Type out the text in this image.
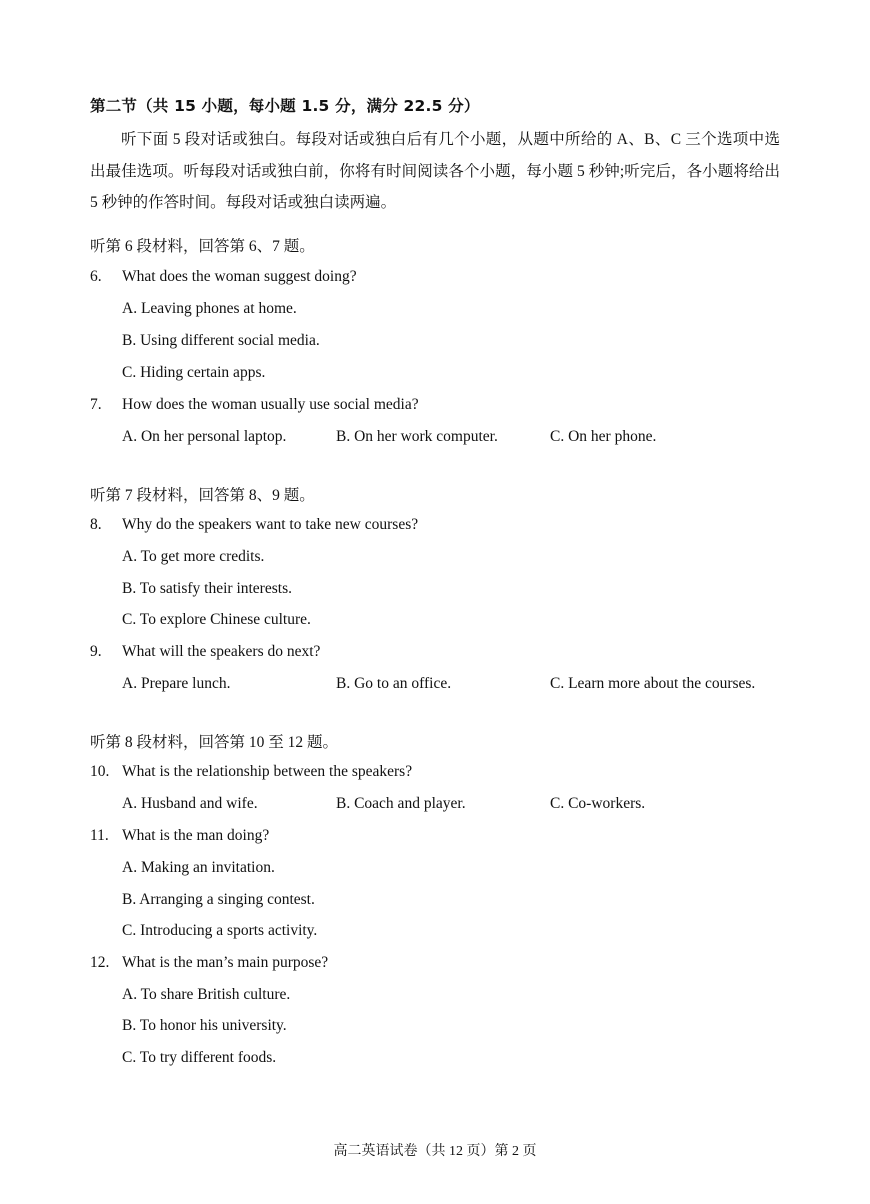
第二节（共 15 小题，每小题 1.5 分，满分 22.5 分）
听下面 5 段对话或独白。每段对话或独白后有几个小题，从题中所给的 A、B、C 三个选项中选出最佳选项。听每段对话或独白前，你将有时间阅读各个小题，每小题 5 秒钟;听完后，各小题将给出 5 秒钟的作答时间。每段对话或独白读两遍。
听第 6 段材料，回答第 6、7 题。
6. What does the woman suggest doing?
A. Leaving phones at home.
B. Using different social media.
C. Hiding certain apps.
7. How does the woman usually use social media?
A. On her personal laptop.	B. On her work computer.	C. On her phone.
听第 7 段材料，回答第 8、9 题。
8. Why do the speakers want to take new courses?
A. To get more credits.
B. To satisfy their interests.
C. To explore Chinese culture.
9. What will the speakers do next?
A. Prepare lunch.	B. Go to an office.	C. Learn more about the courses.
听第 8 段材料，回答第 10 至 12 题。
10. What is the relationship between the speakers?
A. Husband and wife.	B. Coach and player.	C. Co-workers.
11. What is the man doing?
A. Making an invitation.
B. Arranging a singing contest.
C. Introducing a sports activity.
12. What is the man’s main purpose?
A. To share British culture.
B. To honor his university.
C. To try different foods.
高二英语试卷（共 12 页）第 2 页
